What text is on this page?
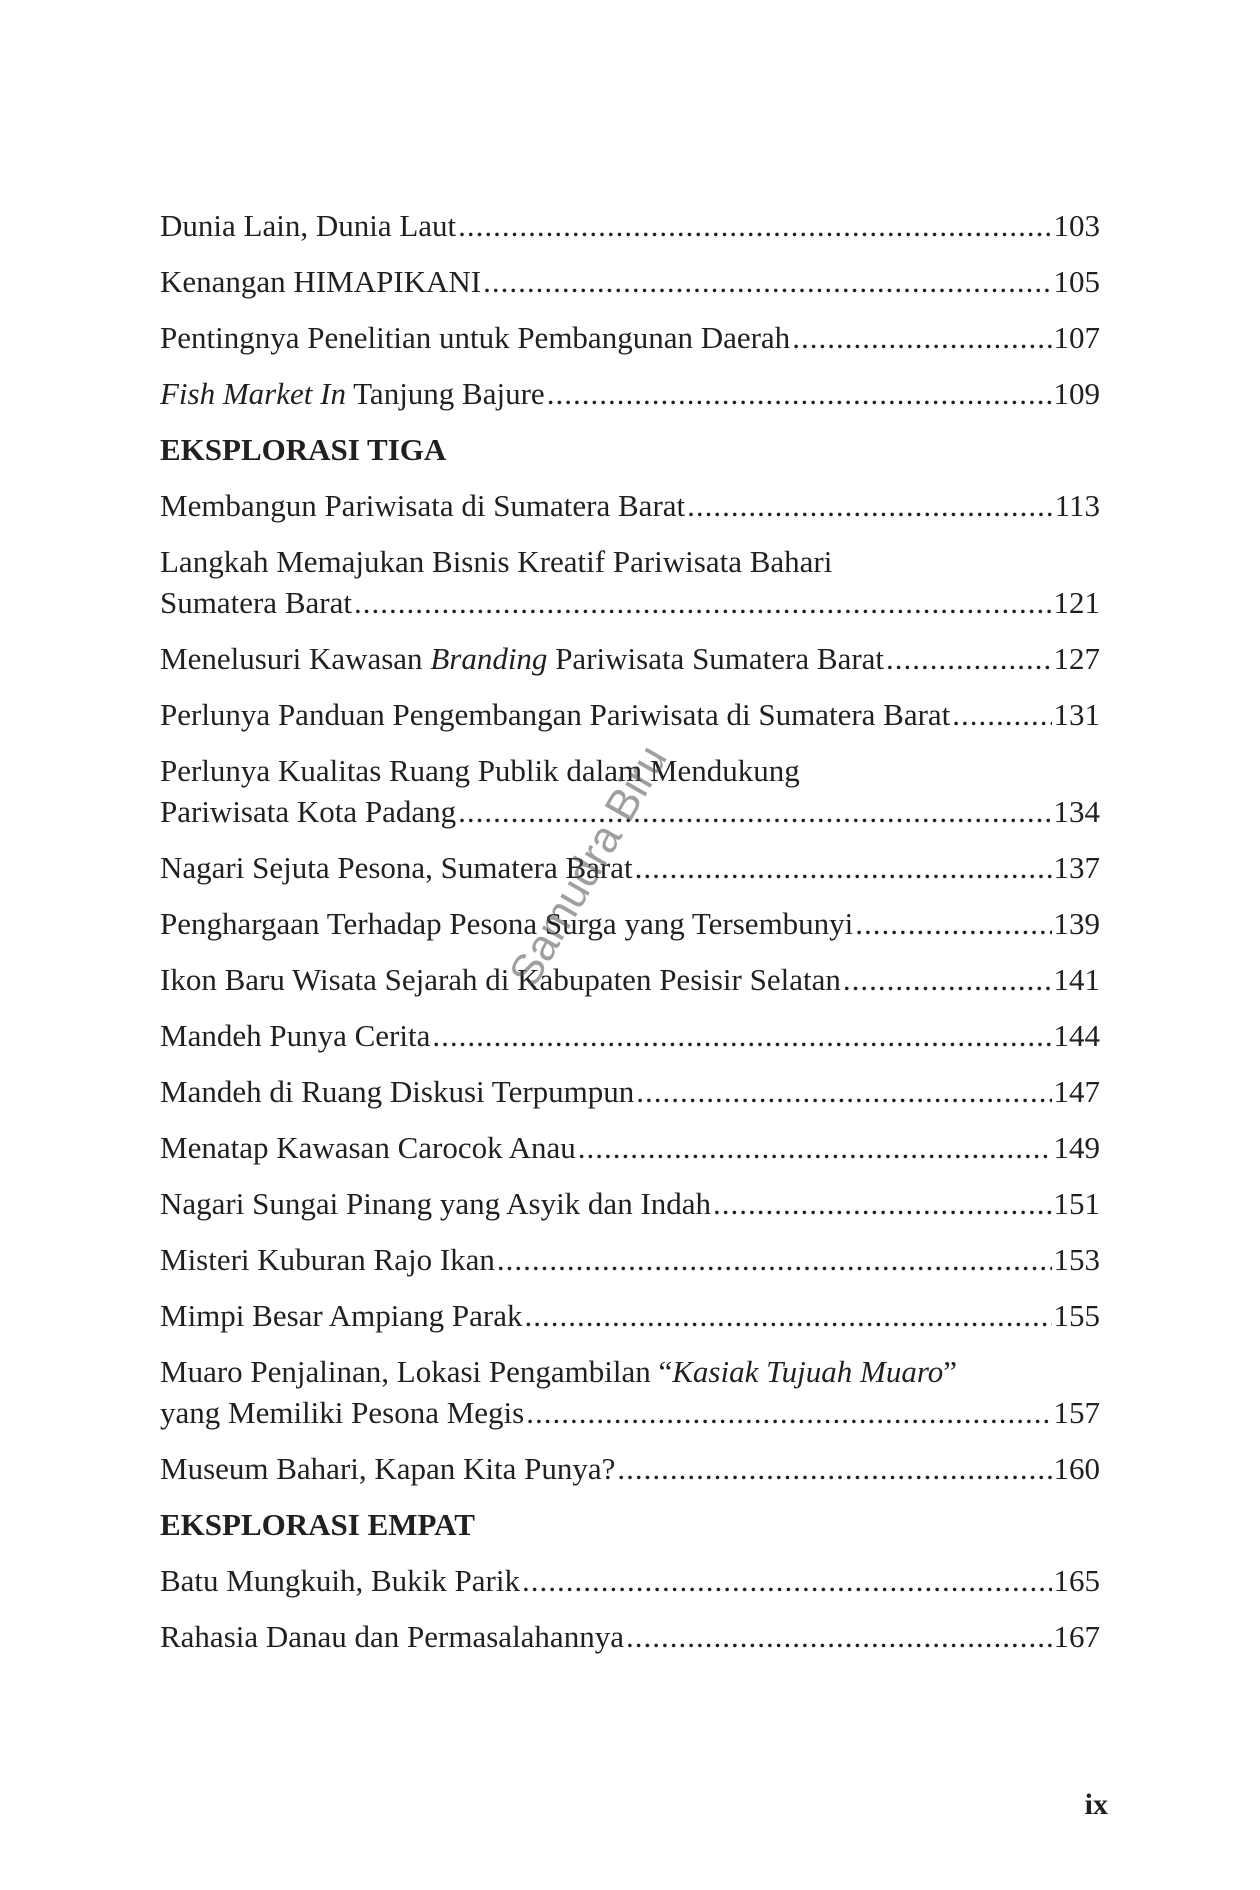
Dunia Lain, Dunia Laut .....	103
Kenangan HIMAPIKANI .....	105
Pentingnya Penelitian untuk Pembangunan Daerah .....	107
Fish Market In Tanjung Bajure .....	109
EKSPLORASI TIGA
Membangun Pariwisata di Sumatera Barat .....	113
Langkah Memajukan Bisnis Kreatif Pariwisata Bahari
Sumatera Barat .....	121
Menelusuri Kawasan Branding Pariwisata Sumatera Barat .....	127
Perlunya Panduan Pengembangan Pariwisata di Sumatera Barat .....	131
Perlunya Kualitas Ruang Publik dalam Mendukung
Pariwisata Kota Padang .....	134
Nagari Sejuta Pesona, Sumatera Barat .....	137
Penghargaan Terhadap Pesona Surga yang Tersembunyi .....	139
Ikon Baru Wisata Sejarah di Kabupaten Pesisir Selatan .....	141
Mandeh Punya Cerita .....	144
Mandeh di Ruang Diskusi Terpumpun .....	147
Menatap Kawasan Carocok Anau .....	149
Nagari Sungai Pinang yang Asyik dan Indah .....	151
Misteri Kuburan Rajo Ikan .....	153
Mimpi Besar Ampiang Parak .....	155
Muaro Penjalinan, Lokasi Pengambilan “Kasiak Tujuah Muaro”
yang Memiliki Pesona Megis .....	157
Museum Bahari, Kapan Kita Punya? .....	160
EKSPLORASI EMPAT
Batu Mungkuih, Bukik Parik .....	165
Rahasia Danau dan Permasalahannya .....	167
Samudra Biru
ix
